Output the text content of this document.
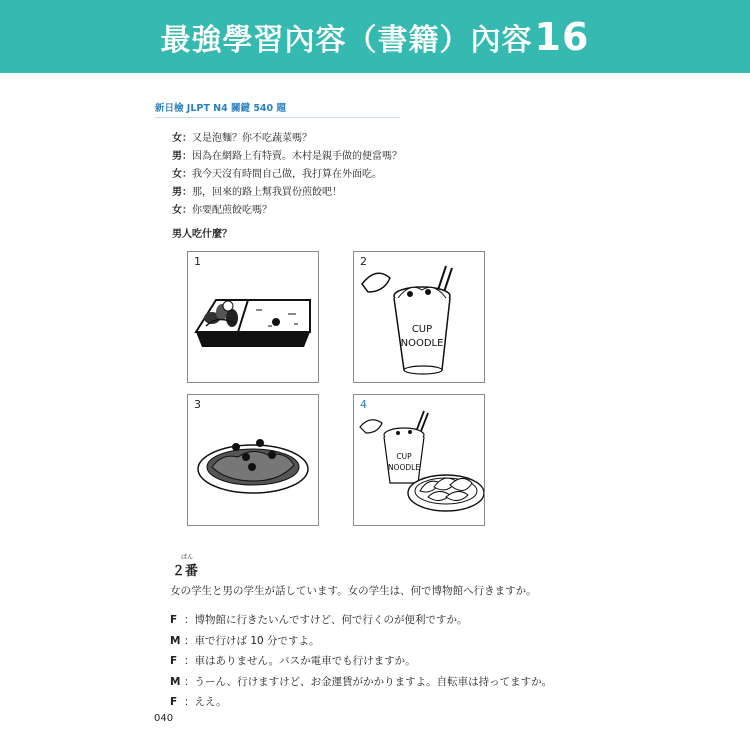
最強學習內容（書籍）內容16
新日檢 JLPT N4 關鍵 540 題
女：又是泡麵？你不吃蔬菜嗎？
男：因為在網路上有特賣。木村是親手做的便當嗎？
女：我今天沒有時間自己做，我打算在外面吃。
男：那，回來的路上幫我買份煎餃吧！
女：你要配煎餃吃嗎？
男人吃什麼？
1	2
CUP
NOODLE
3	4
CUP
NOODLE
ばん
２番
女の学生と男の学生が話しています。女の学生は、何で博物館へ行きますか。
F ：博物館に行きたいんですけど、何で行くのが便利ですか。
M ：車で行けば 10 分ですよ。
F ：車はありません。バスか電車でも行けますか。
M ：うーん、行けますけど、お金運賃がかかりますよ。自転車は持ってますか。
F ：ええ。
040
